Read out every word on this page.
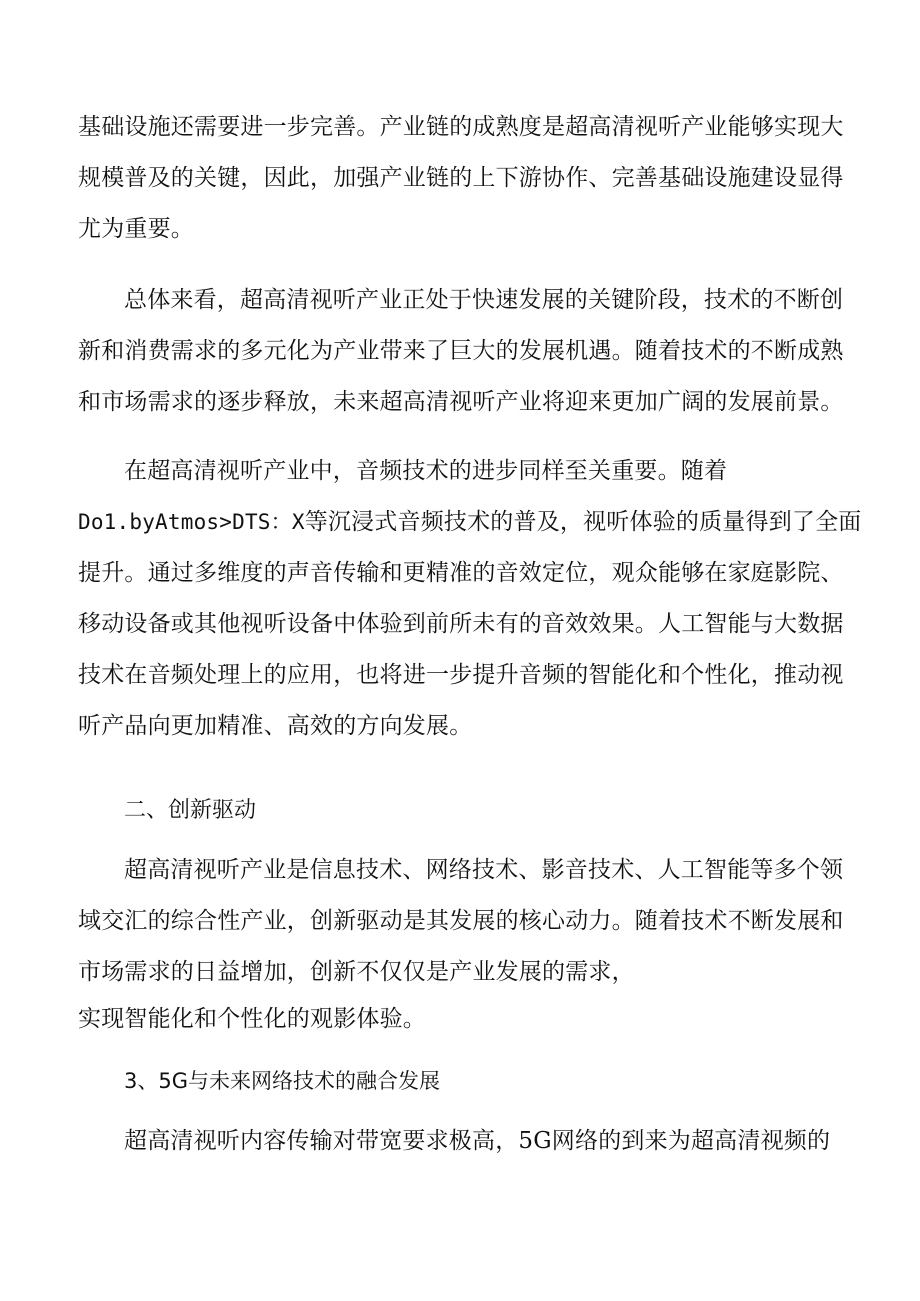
基础设施还需要进一步完善。产业链的成熟度是超高清视听产业能够实现大
规模普及的关键，因此，加强产业链的上下游协作、完善基础设施建设显得
尤为重要。
总体来看，超高清视听产业正处于快速发展的关键阶段，技术的不断创
新和消费需求的多元化为产业带来了巨大的发展机遇。随着技术的不断成熟
和市场需求的逐步释放，未来超高清视听产业将迎来更加广阔的发展前景。
在超高清视听产业中，音频技术的进步同样至关重要。随着
Do1.byAtmos>DTS：X等沉浸式音频技术的普及，视听体验的质量得到了全面
提升。通过多维度的声音传输和更精准的音效定位，观众能够在家庭影院、
移动设备或其他视听设备中体验到前所未有的音效效果。人工智能与大数据
技术在音频处理上的应用，也将进一步提升音频的智能化和个性化，推动视
听产品向更加精准、高效的方向发展。
二、创新驱动
超高清视听产业是信息技术、网络技术、影音技术、人工智能等多个领
域交汇的综合性产业，创新驱动是其发展的核心动力。随着技术不断发展和
市场需求的日益增加，创新不仅仅是产业发展的需求，
实现智能化和个性化的观影体验。
3、5G与未来网络技术的融合发展
超高清视听内容传输对带宽要求极高，5G网络的到来为超高清视频的
